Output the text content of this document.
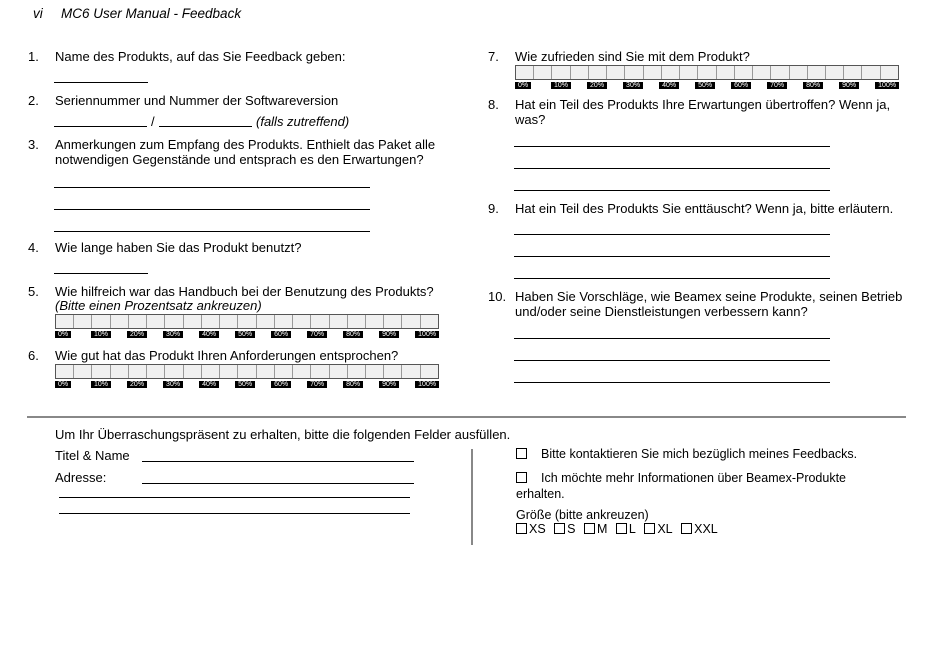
vi MC6 User Manual - Feedback
1. Name des Produkts, auf das Sie Feedback geben:
2. Seriennummer und Nummer der Softwareversion
/	(falls zutreffend)
3. Anmerkungen zum Empfang des Produkts. Enthielt das Paket alle
notwendigen Gegenstände und entsprach es den Erwartungen?
4. Wie lange haben Sie das Produkt benutzt?
5. Wie hilfreich war das Handbuch bei der Benutzung des Produkts?
(Bitte einen Prozentsatz ankreuzen)
0%	10%	20%	30%	40%	50%	60%	70%	80%	90%	100%
6. Wie gut hat das Produkt Ihren Anforderungen entsprochen?
0%	10%	20%	30%	40%	50%	60%	70%	80%	90%	100%
7. Wie zufrieden sind Sie mit dem Produkt?
0%	10%	20%	30%	40%	50%	60%	70%	80%	90%	100%
8. Hat ein Teil des Produkts Ihre Erwartungen übertroffen? Wenn ja,
was?
9. Hat ein Teil des Produkts Sie enttäuscht? Wenn ja, bitte erläutern.
10. Haben Sie Vorschläge, wie Beamex seine Produkte, seinen Betrieb
und/oder seine Dienstleistungen verbessern kann?
Um Ihr Überraschungspräsent zu erhalten, bitte die folgenden Felder ausfüllen.
Titel & Name
Adresse:
Bitte kontaktieren Sie mich bezüglich meines Feedbacks.
Ich möchte mehr Informationen über Beamex-Produkte
erhalten.
Größe (bitte ankreuzen)
XS S M L XL XXL
